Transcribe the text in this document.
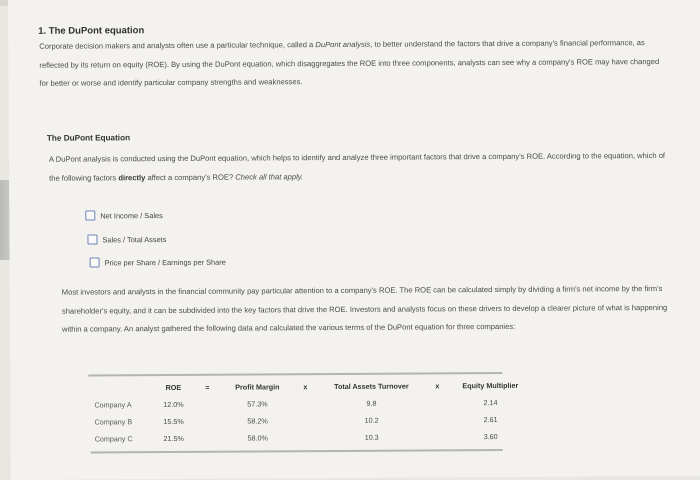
1. The DuPont equation
Corporate decision makers and analysts often use a particular technique, called a DuPont analysis, to better understand the factors that drive a company's financial performance, as reflected by its return on equity (ROE). By using the DuPont equation, which disaggregates the ROE into three components, analysts can see why a company's ROE may have changed for better or worse and identify particular company strengths and weaknesses.
The DuPont Equation
A DuPont analysis is conducted using the DuPont equation, which helps to identify and analyze three important factors that drive a company's ROE. According to the equation, which of the following factors directly affect a company's ROE? Check all that apply.
Net Income / Sales
Sales / Total Assets
Price per Share / Earnings per Share
Most investors and analysts in the financial community pay particular attention to a company's ROE. The ROE can be calculated simply by dividing a firm's net income by the firm's shareholder's equity, and it can be subdivided into the key factors that drive the ROE. Investors and analysts focus on these drivers to develop a clearer picture of what is happening within a company. An analyst gathered the following data and calculated the various terms of the DuPont equation for three companies:
	ROE	=	Profit Margin	x	Total Assets Turnover	x	Equity Multiplier
Company A	12.0%		57.3%		9.8		2.14
Company B	15.5%		58.2%		10.2		2.61
Company C	21.5%		58.0%		10.3		3.60
